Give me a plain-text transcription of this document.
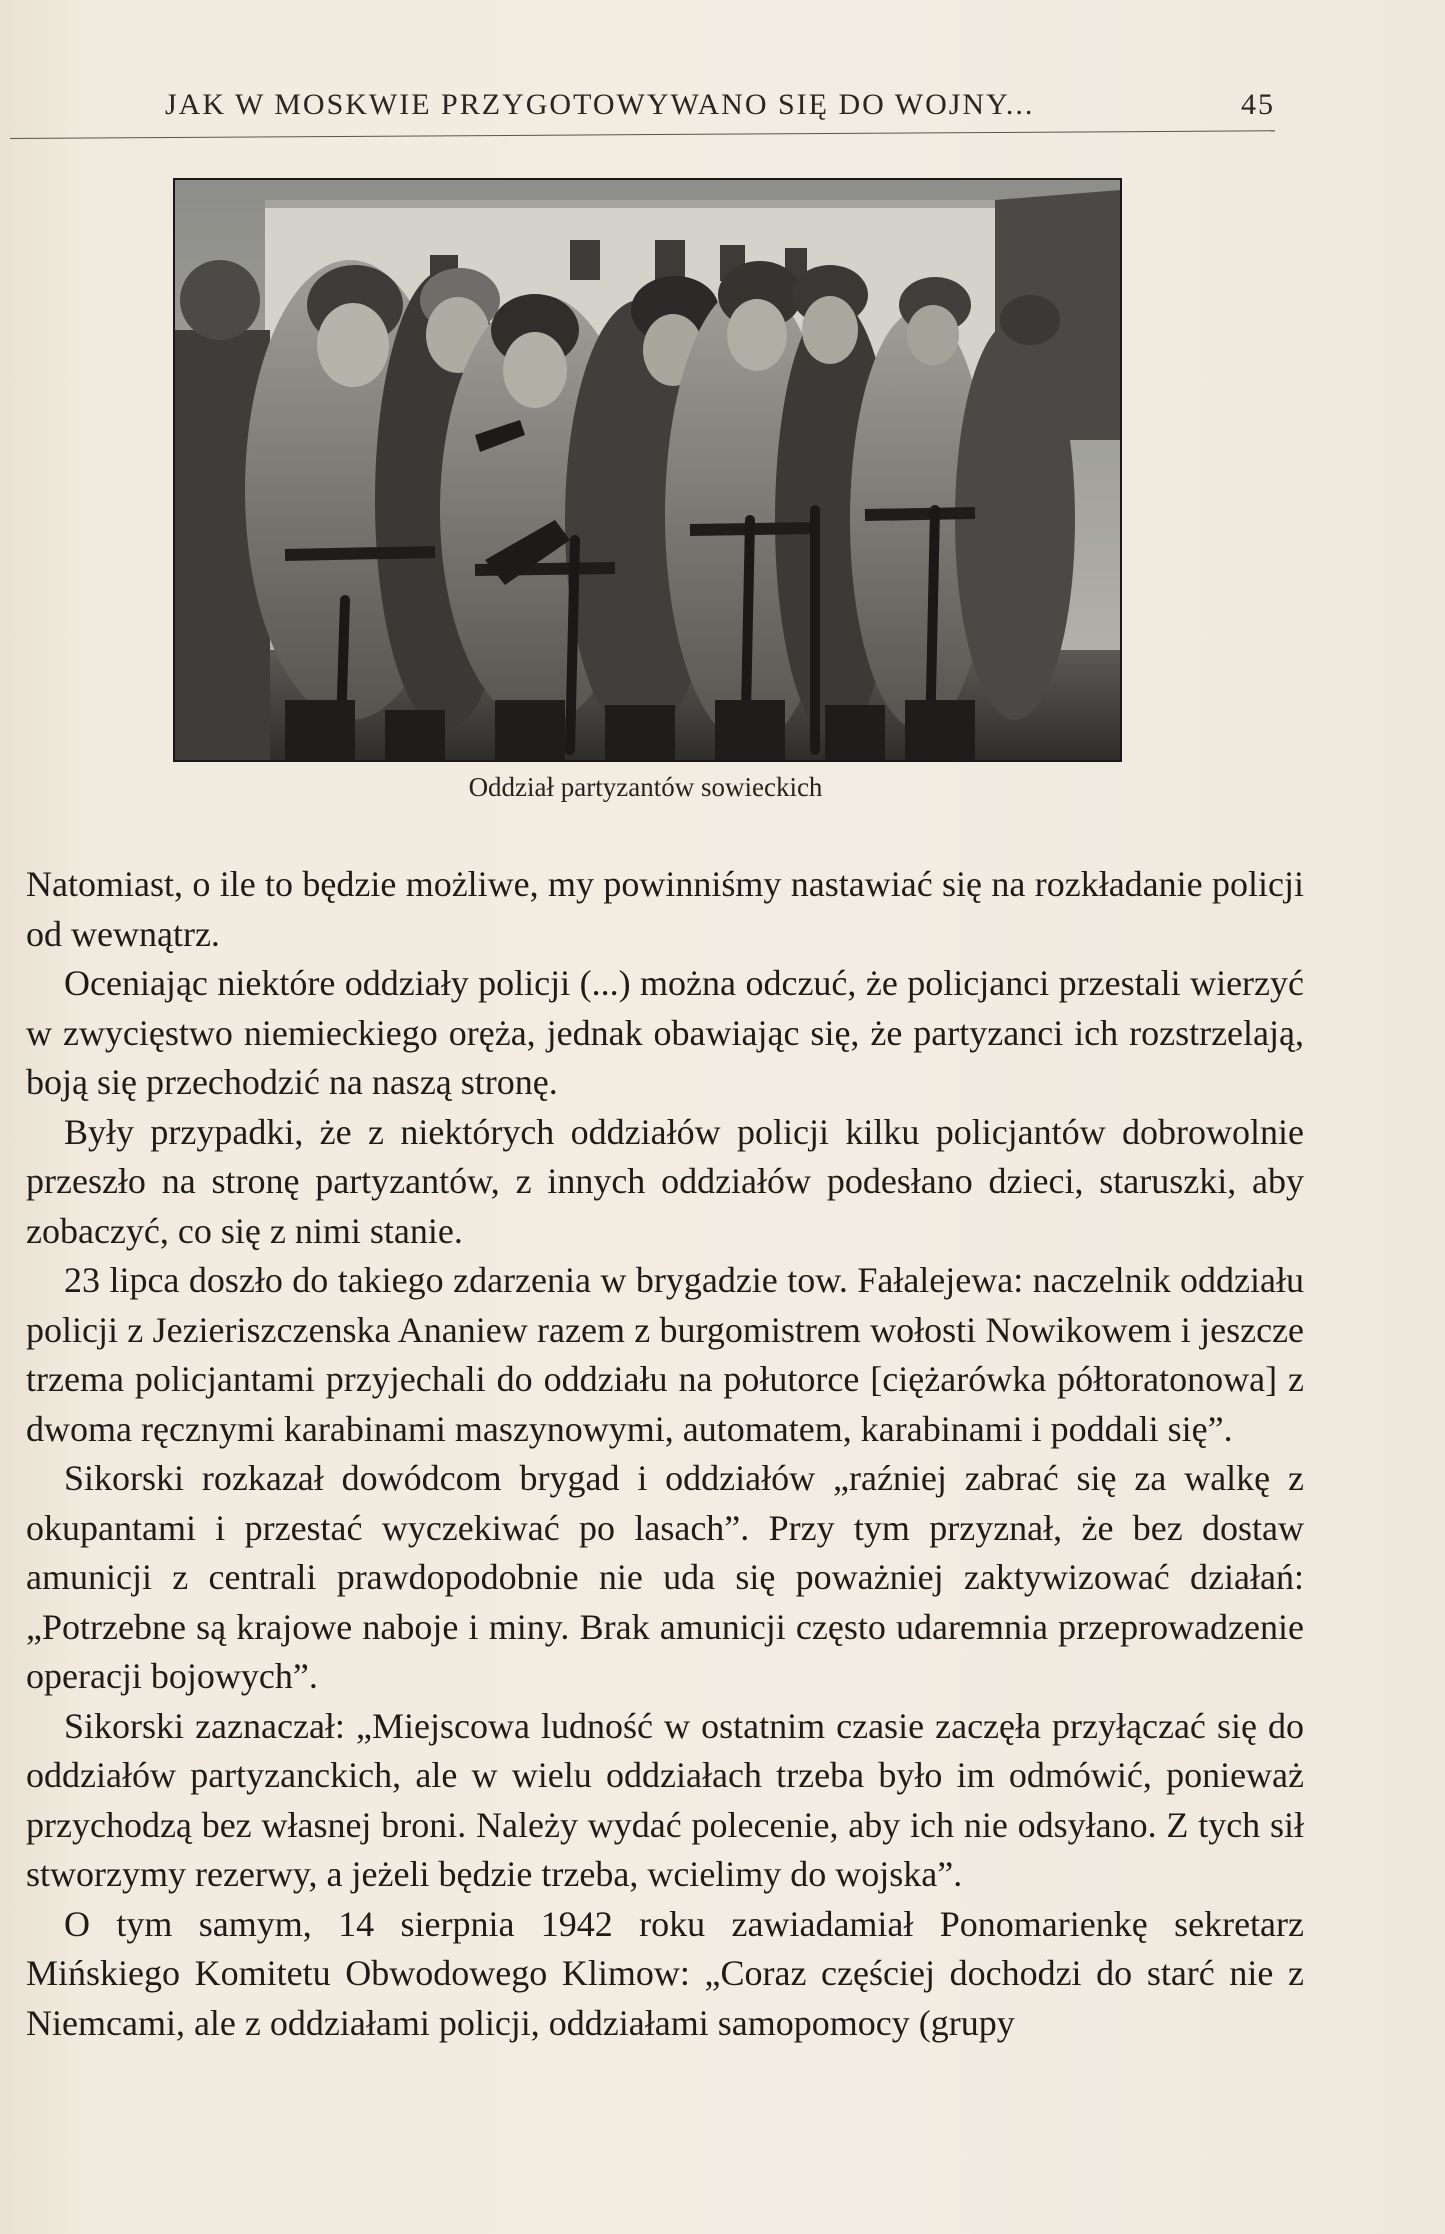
JAK W MOSKWIE PRZYGOTOWYWANO SIĘ DO WOJNY...	45
Oddział partyzantów sowieckich

Natomiast, o ile to będzie możliwe, my powinniśmy nastawiać się na rozkładanie policji od wewnątrz.

Oceniając niektóre oddziały policji (...) można odczuć, że policjanci przestali wierzyć w zwycięstwo niemieckiego oręża, jednak obawiając się, że partyzanci ich rozstrzelają, boją się przechodzić na naszą stronę.

Były przypadki, że z niektórych oddziałów policji kilku policjantów dobrowolnie przeszło na stronę partyzantów, z innych oddziałów podesłano dzieci, staruszki, aby zobaczyć, co się z nimi stanie.

23 lipca doszło do takiego zdarzenia w brygadzie tow. Fałalejewa: naczelnik oddziału policji z Jezieriszczenska Ananiew razem z burgomistrem wołosti Nowikowem i jeszcze trzema policjantami przyjechali do oddziału na połutorce [ciężarówka półtoratonowa] z dwoma ręcznymi karabinami maszynowymi, automatem, karabinami i poddali się”.

Sikorski rozkazał dowódcom brygad i oddziałów „raźniej zabrać się za walkę z okupantami i przestać wyczekiwać po lasach”. Przy tym przyznał, że bez dostaw amunicji z centrali prawdopodobnie nie uda się poważniej zaktywizować działań: „Potrzebne są krajowe naboje i miny. Brak amunicji często udaremnia przeprowadzenie operacji bojowych”.

Sikorski zaznaczał: „Miejscowa ludność w ostatnim czasie zaczęła przyłączać się do oddziałów partyzanckich, ale w wielu oddziałach trzeba było im odmówić, ponieważ przychodzą bez własnej broni. Należy wydać polecenie, aby ich nie odsyłano. Z tych sił stworzymy rezerwy, a jeżeli będzie trzeba, wcielimy do wojska”.

O tym samym, 14 sierpnia 1942 roku zawiadamiał Ponomarienkę sekretarz Mińskiego Komitetu Obwodowego Klimow: „Coraz częściej dochodzi do starć nie z Niemcami, ale z oddziałami policji, oddziałami samopomocy (grupy
